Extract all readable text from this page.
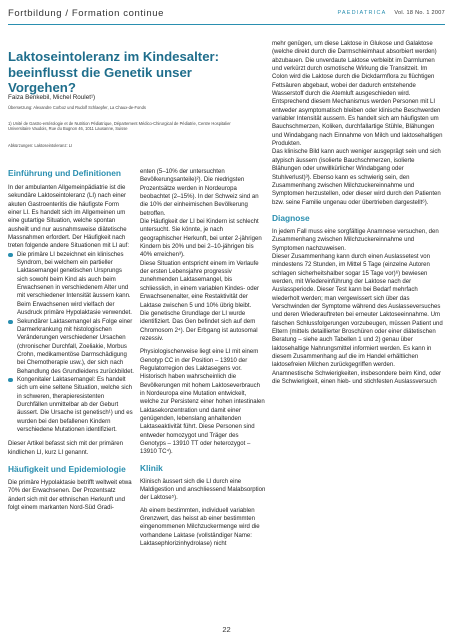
Fortbildung / Formation continue	PAEDIATRICA Vol. 18 No. 1 2007
Laktoseintoleranz im Kindesalter: beeinflusst die Genetik unser Vorgehen?
Faiza Benkebil, Michel Roulet¹)
Übersetzung: Alexandre Corboz und Rudolf Schlaepfer, La Chaux-de-Fonds
1) Unité de Gastro-entérologie et de Nutrition Pédiatrique, Département Médico-Chirurgical de Pédiatrie, Centre Hospitalier Universitaire Vaudois, Rue du Bugnon 46, 1011 Lausanne, Suisse
Abkürzungen: Laktoseintoleranz: LI
Einführung und Definitionen

In der ambulanten Allgemeinpädiatrie ist die sekundäre Laktoseintoleranz (LI) nach einer akuten Gastroenteritis die häufigste Form einer LI. Es handelt sich im Allgemeinen um eine gutartige Situation, welche spontan ausheilt und nur ausnahmsweise diätetische Massnahmen erfordert. Der Häufigkeit nach treten folgende andere Situationen mit LI auf:

Die primäre LI bezeichnet ein klinisches Syndrom, bei welchem ein partieller Laktasemangel genetischen Ursprungs sich sowohl beim Kind als auch beim Erwachsenen in verschiedenem Alter und mit verschiedener Intensität äussern kann. Beim Erwachsenen wird vielfach der Ausdruck primäre Hypolaktasie verwendet.
Sekundärer Laktasemangel als Folge einer Darmerkrankung mit histologischen Veränderungen verschiedener Ursachen (chronischer Durchfall, Zoeliakie, Morbus Crohn, medikamentöse Darmschädigung bei Chemotherapie usw.), der sich nach Behandlung des Grundleidens zurückbildet.
Kongenitaler Laktasemangel: Es handelt sich um eine seltene Situation, welche sich in schweren, therapieresistenten Durchfällen unmittelbar ab der Geburt äussert. Die Ursache ist genetisch¹) und es wurden bei den befallenen Kindern verschiedene Mutationen identifiziert.

Dieser Artikel befasst sich mit der primären kindlichen LI, kurz LI genannt.

Häufigkeit und Epidemiologie

Die primäre Hypolaktasie betrifft weltweit etwa 70% der Erwachsenen. Der Prozentsatz ändert sich mit der ethnischen Herkunft und folgt einem markanten Nord-Süd Gradi-

enten (5–10% der untersuchten Bevölkerungsanteile)²). Die niedrigsten Prozentsätze werden in Nordeuropa beobachtet (2–15%). In der Schweiz sind an die 10% der einheimischen Bevölkerung betroffen.

Die Häufigkeit der LI bei Kindern ist schlecht untersucht. Sie könnte, je nach geographischer Herkunft, bei unter 2-jährigen Kindern bis 20% und bei 2–10-jährigen bis 40% erreichen³).

Diese Situation entspricht einem im Verlaufe der ersten Lebensjahre progressiv zunehmenden Laktasemangel, bis schliesslich, in einem variablen Kindes- oder Erwachsenenalter, eine Restaktivität der Laktase zwischen 5 und 10% übrig bleibt.

Die genetische Grundlage der LI wurde identifiziert. Das Gen befindet sich auf dem Chromosom 2⁴). Der Erbgang ist autosomal rezessiv.

Physiologischerweise liegt eine LI mit einem Genotyp CC in der Position – 13910 der Regulatorregion des Laktasegens vor. Historisch haben wahrscheinlich die Bevölkerungen mit hohem Laktoseverbrauch in Nordeuropa eine Mutation entwickelt, welche zur Persistenz einer hohen intestinalen Laktasekonzentration und damit einer genügenden, lebenslang anhaltenden Laktaseaktivität führt. Diese Personen sind entweder homozygot und Träger des Genotyps – 13910 TT oder heterozygot – 13910 TC⁴).

Klinik

Klinisch äussert sich die LI durch eine Maldigestion und anschliessend Malabsorption der Laktose⁵).

Ab einem bestimmten, individuell variablen Grenzwert, das heisst ab einer bestimmten eingenommenen Milchzuckermenge wird die vorhandene Laktase (vollständiger Name: Laktasephlorizinhydrolase) nicht

mehr genügen, um diese Laktose in Glukose und Galaktose (welche direkt durch die Darmschleimhaut absorbiert werden) abzubauen. Die unverdaute Laktose verbleibt im Darmlumen und verkürzt durch osmotische Wirkung die Transitzeit. Im Colon wird die Laktose durch die Dickdarmflora zu flüchtigen Fettsäuren abgebaut, wobei der dadurch entstehende Wasserstoff durch die Atemluft ausgeschieden wird.

Entsprechend diesem Mechanismus werden Personen mit LI entweder asymptomatisch bleiben oder klinische Beschwerden variabler Intensität aussern. Es handelt sich am häufigsten um Bauchschmerzen, Koliken, durchfallartige Stühle, Blähungen und Windabgang nach Einnahme von Milch und laktosehaltigen Produkten.

Das klinische Bild kann auch weniger ausgeprägt sein und sich atypisch äussern (isolierte Bauchschmerzen, isolierte Blähungen oder unwillkürlicher Windabgang oder Stuhlverlust)³). Ebenso kann es schwierig sein, den Zusammenhang zwischen Milchzuckereinnahme und Symptomen herzustellen, oder dieser wird durch den Patienten bzw. seine Familie ungenau oder übertrieben dargestellt⁶).

Diagnose

In jedem Fall muss eine sorgfältige Anamnese versuchen, den Zusammenhang zwischen Milchzuckereinnahme und Symptomen nachzuweisen.

Dieser Zusammenhang kann durch einen Auslassetest von mindestens 72 Stunden, im Mittel 5 Tage (einzelne Autoren schlagen sicherheitshalber sogar 15 Tage vor)⁶) bewiesen werden, mit Wiedereinführung der Laktose nach der Auslassperiode. Dieser Test kann bei Bedarf mehrfach wiederholt werden; man vergewissert sich über das Verschwinden der Symptome während des Auslasseversuches und deren Wiederauftreten bei erneuter Laktoseeinnahme. Um falschen Schlussfolgerungen vorzubeugen, müssen Patient und Eltern (mittels detaillierter Broschüren oder einer diätetischen Beratung – siehe auch Tabellen 1 und 2) genau über laktosehaltige Nahrungsmittel informiert werden. Es kann in diesem Zusammenhang auf die im Handel erhältlichen laktosefreien Milchen zurückgegriffen werden.

Anamnestische Schwierigkeiten, insbesondere beim Kind, oder die Schwierigkeit, einen hieb- und stichfesten Auslassversuch

22
